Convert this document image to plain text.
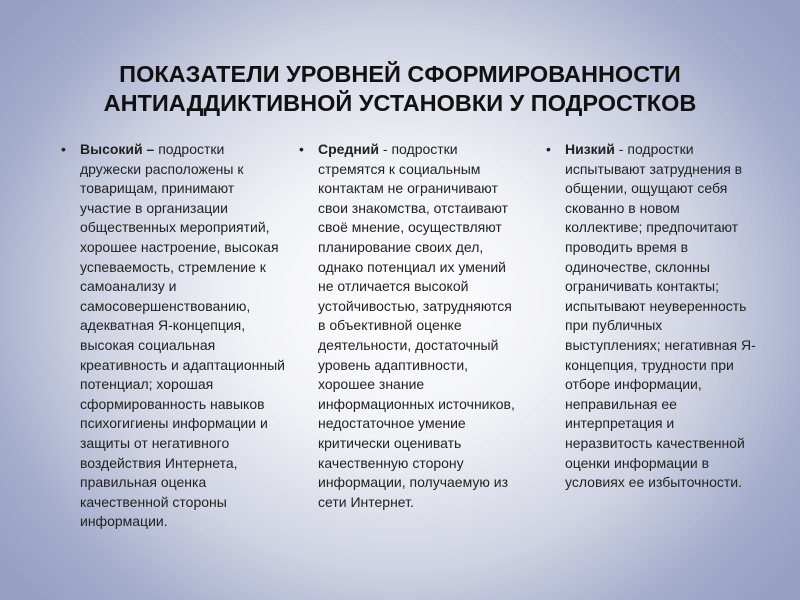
ПОКАЗАТЕЛИ УРОВНЕЙ СФОРМИРОВАННОСТИ
АНТИАДДИКТИВНОЙ УСТАНОВКИ У ПОДРОСТКОВ
• Высокий – подростки дружески расположены к товарищам, принимают участие в организации общественных мероприятий, хорошее настроение, высокая успеваемость, стремление к самоанализу и самосовершенствованию, адекватная Я-концепция, высокая социальная креативность и адаптационный потенциал; хорошая сформированность навыков психогигиены информации и защиты от негативного воздействия Интернета, правильная оценка качественной стороны информации.
• Средний - подростки стремятся к социальным контактам не ограничивают свои знакомства, отстаивают своё мнение, осуществляют планирование своих дел, однако потенциал их умений не отличается высокой устойчивостью, затрудняются в объективной оценке деятельности, достаточный уровень адаптивности, хорошее знание информационных источников, недостаточное умение критически оценивать качественную сторону информации, получаемую из сети Интернет.
• Низкий - подростки испытывают затруднения в общении, ощущают себя скованно в новом коллективе; предпочитают проводить время в одиночестве, склонны ограничивать контакты; испытывают неуверенность при публичных выступлениях; негативная Я-концепция, трудности при отборе информации, неправильная ее интерпретация и неразвитость качественной оценки информации в условиях ее избыточности.
